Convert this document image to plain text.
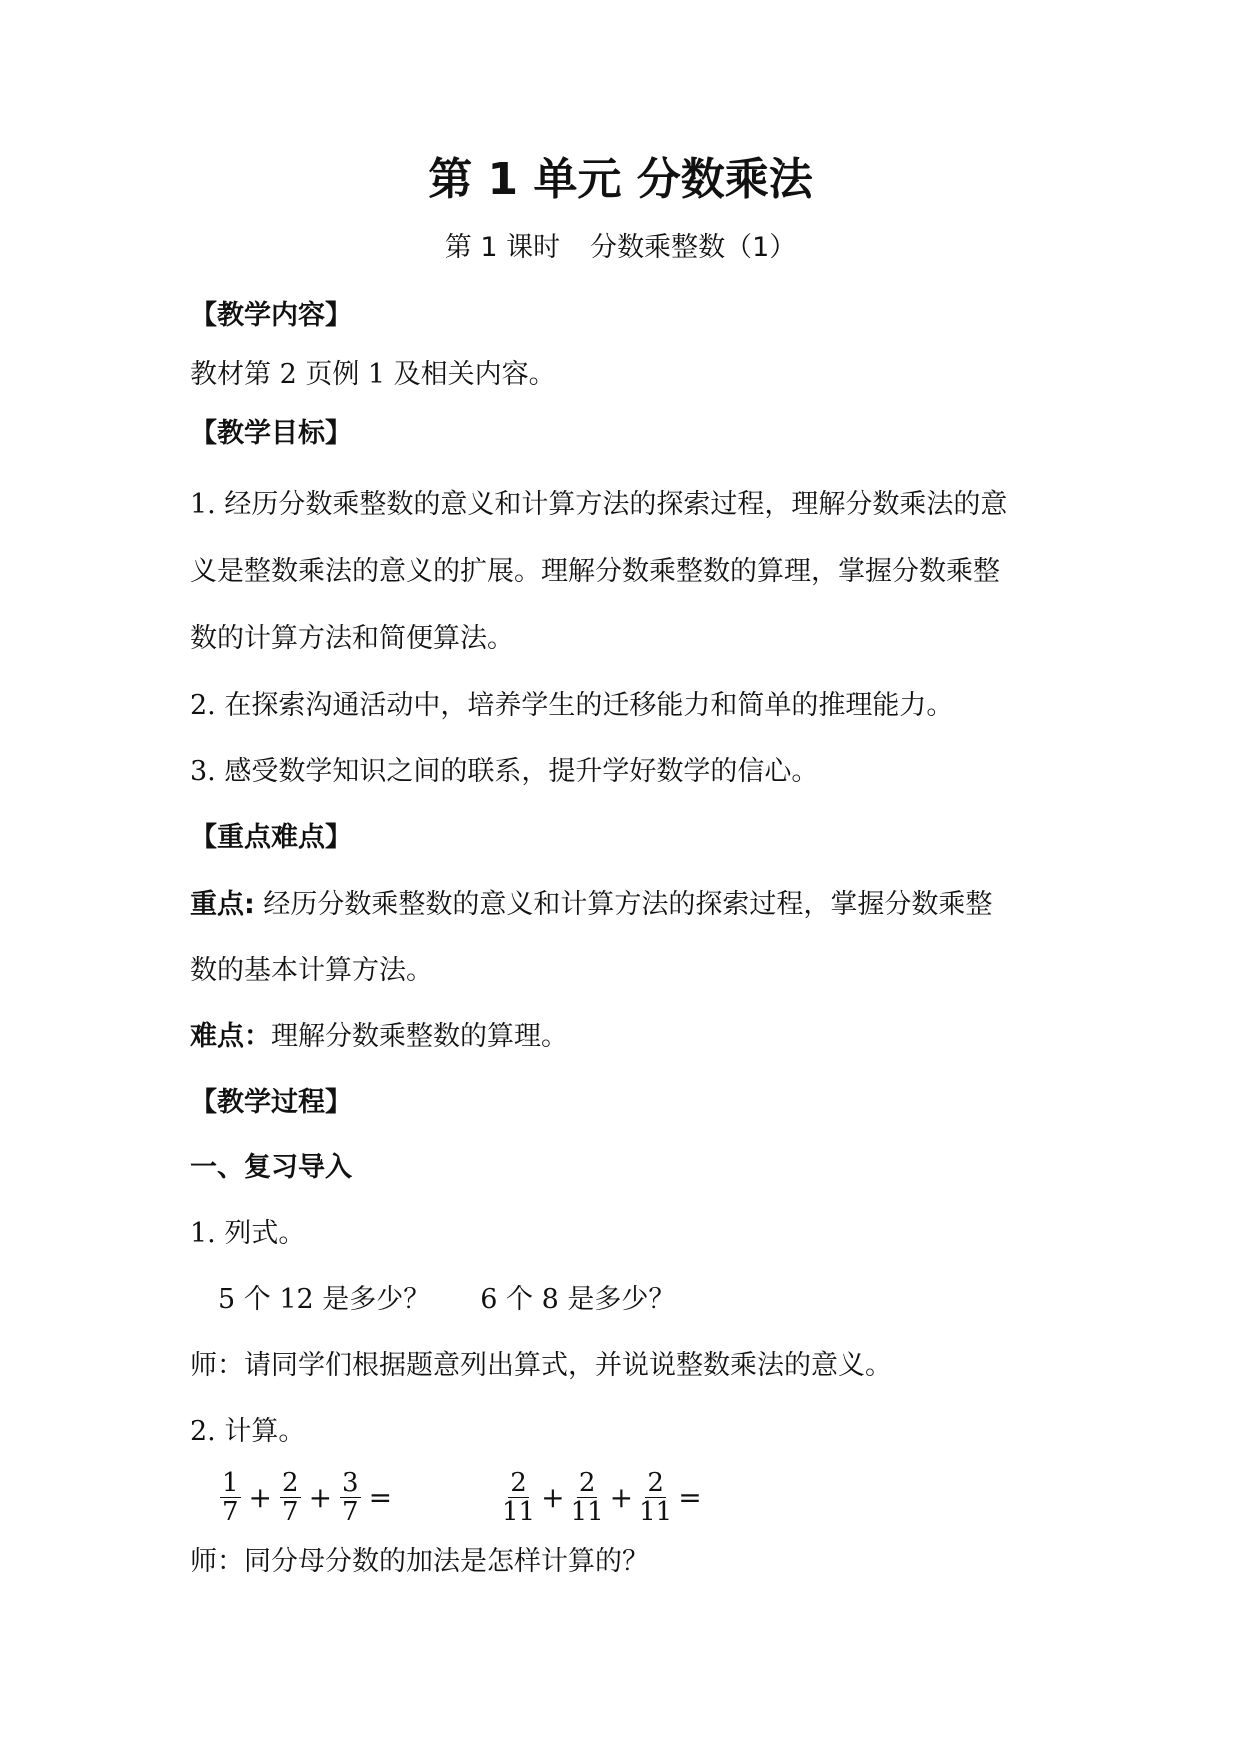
第 1 单元 分数乘法
第 1 课时 分数乘整数（1）
【教学内容】
教材第 2 页例 1 及相关内容。
【教学目标】
1. 经历分数乘整数的意义和计算方法的探索过程，理解分数乘法的意
义是整数乘法的意义的扩展。理解分数乘整数的算理，掌握分数乘整
数的计算方法和简便算法。
2. 在探索沟通活动中，培养学生的迁移能力和简单的推理能力。
3. 感受数学知识之间的联系，提升学好数学的信心。
【重点难点】
重点: 经历分数乘整数的意义和计算方法的探索过程，掌握分数乘整
数的基本计算方法。
难点：理解分数乘整数的算理。
【教学过程】
一、复习导入
1. 列式。
5 个 12 是多少？ 6 个 8 是多少？
师：请同学们根据题意列出算式，并说说整数乘法的意义。
2. 计算。
$\frac{1}{7} + \frac{2}{7} + \frac{3}{7}$ =	$\frac{2}{11} + \frac{2}{11} + \frac{2}{11}$ =
师：同分母分数的加法是怎样计算的？
